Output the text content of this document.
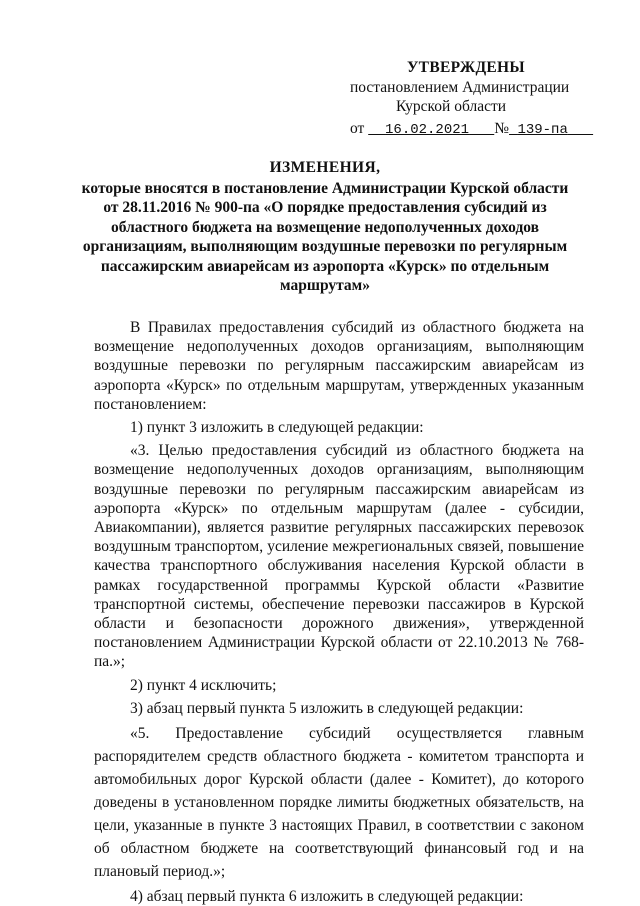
УТВЕРЖДЕНЫ
постановлением Администрации
Курской области
от 16.02.2021 № 139-па
ИЗМЕНЕНИЯ,
которые вносятся в постановление Администрации Курской области от 28.11.2016 № 900-па «О порядке предоставления субсидий из областного бюджета на возмещение недополученных доходов организациям, выполняющим воздушные перевозки по регулярным пассажирским авиарейсам из аэропорта «Курск» по отдельным маршрутам»

В Правилах предоставления субсидий из областного бюджета на возмещение недополученных доходов организациям, выполняющим воздушные перевозки по регулярным пассажирским авиарейсам из аэропорта «Курск» по отдельным маршрутам, утвержденных указанным постановлением:

1) пункт 3 изложить в следующей редакции:

«3. Целью предоставления субсидий из областного бюджета на возмещение недополученных доходов организациям, выполняющим воздушные перевозки по регулярным пассажирским авиарейсам из аэропорта «Курск» по отдельным маршрутам (далее - субсидии, Авиакомпании), является развитие регулярных пассажирских перевозок воздушным транспортом, усиление межрегиональных связей, повышение качества транспортного обслуживания населения Курской области в рамках государственной программы Курской области «Развитие транспортной системы, обеспечение перевозки пассажиров в Курской области и безопасности дорожного движения», утвержденной постановлением Администрации Курской области от 22.10.2013 № 768-па.»;

2) пункт 4 исключить;

3) абзац первый пункта 5 изложить в следующей редакции:

«5. Предоставление субсидий осуществляется главным распорядителем средств областного бюджета - комитетом транспорта и автомобильных дорог Курской области (далее - Комитет), до которого доведены в установленном порядке лимиты бюджетных обязательств, на цели, указанные в пункте 3 настоящих Правил, в соответствии с законом об областном бюджете на соответствующий финансовый год и на плановый период.»;

4) абзац первый пункта 6 изложить в следующей редакции:
